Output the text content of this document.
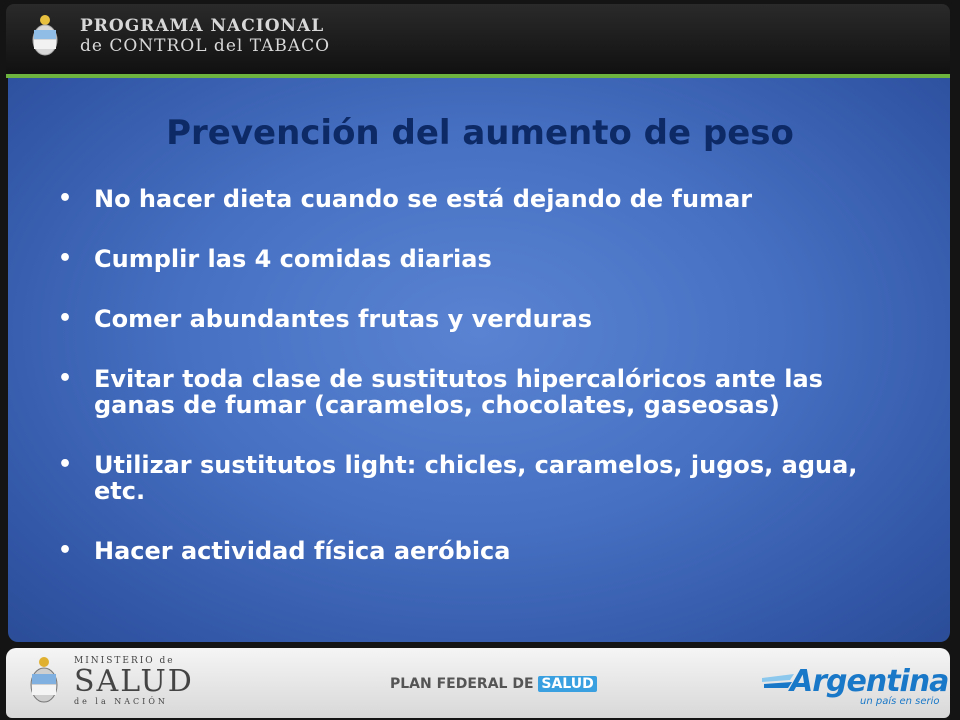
PROGRAMA NACIONAL
de CONTROL del TABACO
Prevención del aumento de peso
• No hacer dieta cuando se está dejando de fumar
• Cumplir las 4 comidas diarias
• Comer abundantes frutas y verduras
• Evitar toda clase de sustitutos hipercalóricos ante las ganas de fumar (caramelos, chocolates, gaseosas)
• Utilizar sustitutos light: chicles, caramelos, jugos, agua, etc.
• Hacer actividad física aeróbica
MINISTERIO de
SALUD
de la NACIÓN
PLAN FEDERAL DE SALUD	Argentina
un país en serio
